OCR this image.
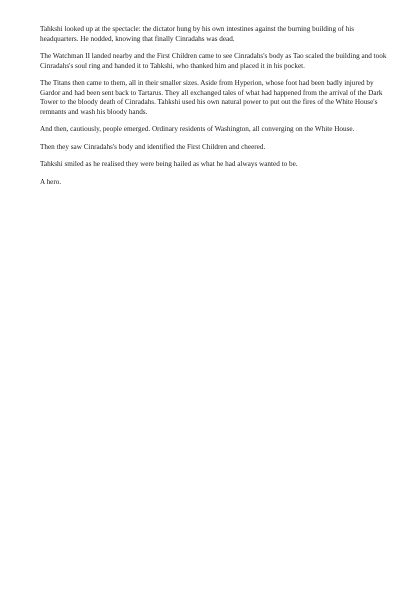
Tahkshi looked up at the spectacle: the dictator hung by his own intestines against the burning building of his headquarters. He nodded, knowing that finally Cinradahs was dead.

The Watchman II landed nearby and the First Children came to see Cinradahs's body as Tao scaled the building and took Cinradahs's soul ring and handed it to Tahkshi, who thanked him and placed it in his pocket.

The Titans then came to them, all in their smaller sizes. Aside from Hyperion, whose foot had been badly injured by Gardor and had been sent back to Tartarus. They all exchanged tales of what had happened from the arrival of the Dark Tower to the bloody death of Cinradahs. Tahkshi used his own natural power to put out the fires of the White House's remnants and wash his bloody hands.

And then, cautiously, people emerged. Ordinary residents of Washington, all converging on the White House.

Then they saw Cinradahs's body and identified the First Children and cheered.

Tahkshi smiled as he realised they were being hailed as what he had always wanted to be.

A hero.
